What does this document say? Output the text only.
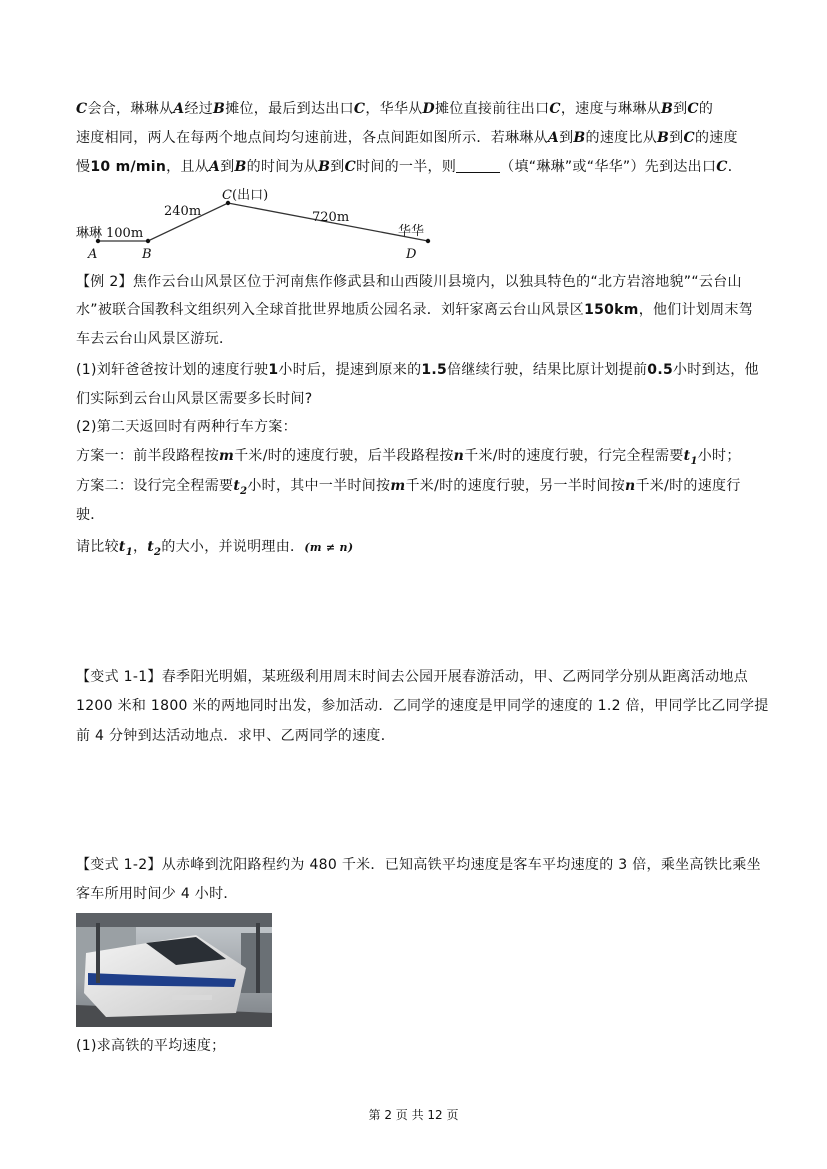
C会合，琳琳从A经过B摊位，最后到达出口C，华华从D摊位直接前往出口C，速度与琳琳从B到C的
速度相同，两人在每两个地点间均匀速前进，各点间距如图所示．若琳琳从A到B的速度比从B到C的速度
慢10 m/min，且从A到B的时间为从B到C时间的一半，则	（填“琳琳”或“华华”）先到达出口C．
琳琳 100m
240m
C (出口)
720m
华华
A	B	D
【例 2】焦作云台山风景区位于河南焦作修武县和山西陵川县境内，以独具特色的“北方岩溶地貌”“云台山
水”被联合国教科文组织列入全球首批世界地质公园名录．刘轩家离云台山风景区150km，他们计划周末驾
车去云台山风景区游玩．
(1)刘轩爸爸按计划的速度行驶1小时后，提速到原来的1.5倍继续行驶，结果比原计划提前0.5小时到达，他
们实际到云台山风景区需要多长时间?
(2)第二天返回时有两种行车方案：
方案一：前半段路程按m千米/时的速度行驶，后半段路程按n千米/时的速度行驶，行完全程需要$t_1$小时；
方案二：设行完全程需要$t_2$小时，其中一半时间按m千米/时的速度行驶，另一半时间按n千米/时的速度行
驶．
请比较$t_1$，$t_2$的大小，并说明理由．(m ≠ n)
【变式 1-1】春季阳光明媚，某班级利用周末时间去公园开展春游活动，甲、乙两同学分别从距离活动地点
1200 米和 1800 米的两地同时出发，参加活动．乙同学的速度是甲同学的速度的 1.2 倍，甲同学比乙同学提
前 4 分钟到达活动地点．求甲、乙两同学的速度．
【变式 1-2】从赤峰到沈阳路程约为 480 千米．已知高铁平均速度是客车平均速度的 3 倍，乘坐高铁比乘坐
客车所用时间少 4 小时．
(1)求高铁的平均速度；
第 2 页 共 12 页
